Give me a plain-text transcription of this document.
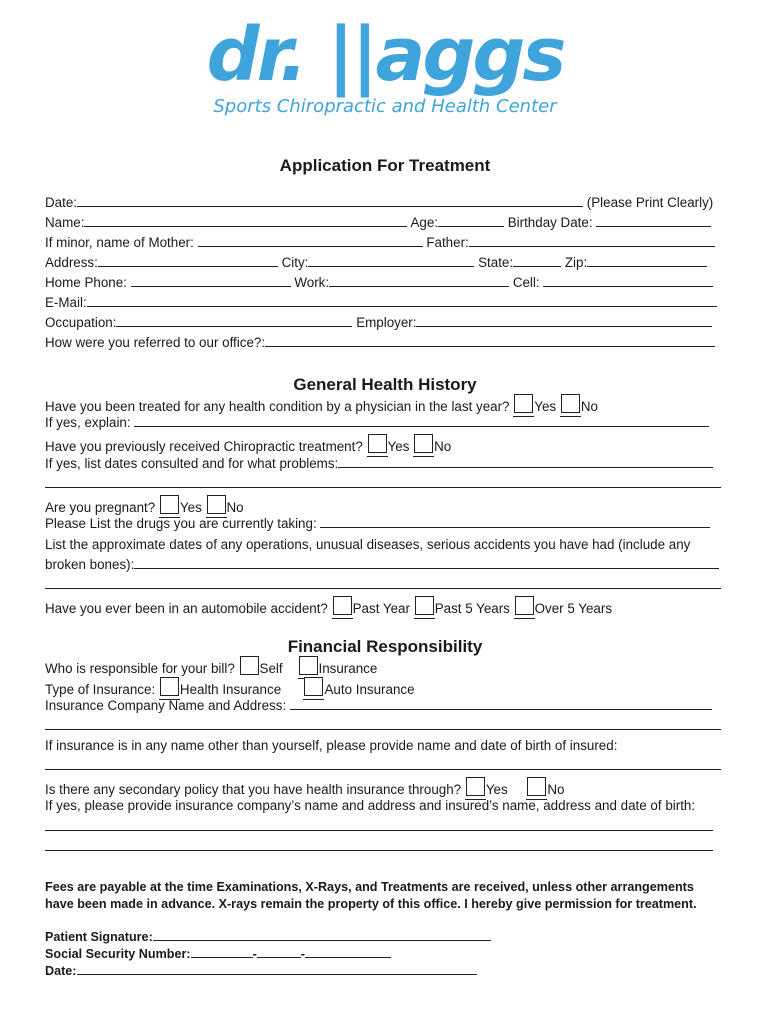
dr. ||aggs
Sports Chiropractic and Health Center
Application For Treatment
Date:	(Please Print Clearly)
Name:	Age:	Birthday Date:
If minor, name of Mother:	Father:
Address:	City:	State:	Zip:
Home Phone:	Work:	Cell:
E-Mail:
Occupation:	Employer:
How were you referred to our office?:
General Health History
Have you been treated for any health condition by a physician in the last year? Yes No
If yes, explain:
Have you previously received Chiropractic treatment? Yes No
If yes, list dates consulted and for what problems:
Are you pregnant? Yes No
Please List the drugs you are currently taking:
List the approximate dates of any operations, unusual diseases, serious accidents you have had (include any
broken bones):
Have you ever been in an automobile accident? Past Year Past 5 Years Over 5 Years
Financial Responsibility
Who is responsible for your bill? Self	Insurance
Type of Insurance: Health Insurance	Auto Insurance
Insurance Company Name and Address:
If insurance is in any name other than yourself, please provide name and date of birth of insured:
Is there any secondary policy that you have health insurance through? Yes	No
If yes, please provide insurance company’s name and address and insured’s name, address and date of birth:
Fees are payable at the time Examinations, X-Rays, and Treatments are received, unless other arrangements
have been made in advance. X-rays remain the property of this office. I hereby give permission for treatment.
Patient Signature:
Social Security Number:	-	-
Date:
